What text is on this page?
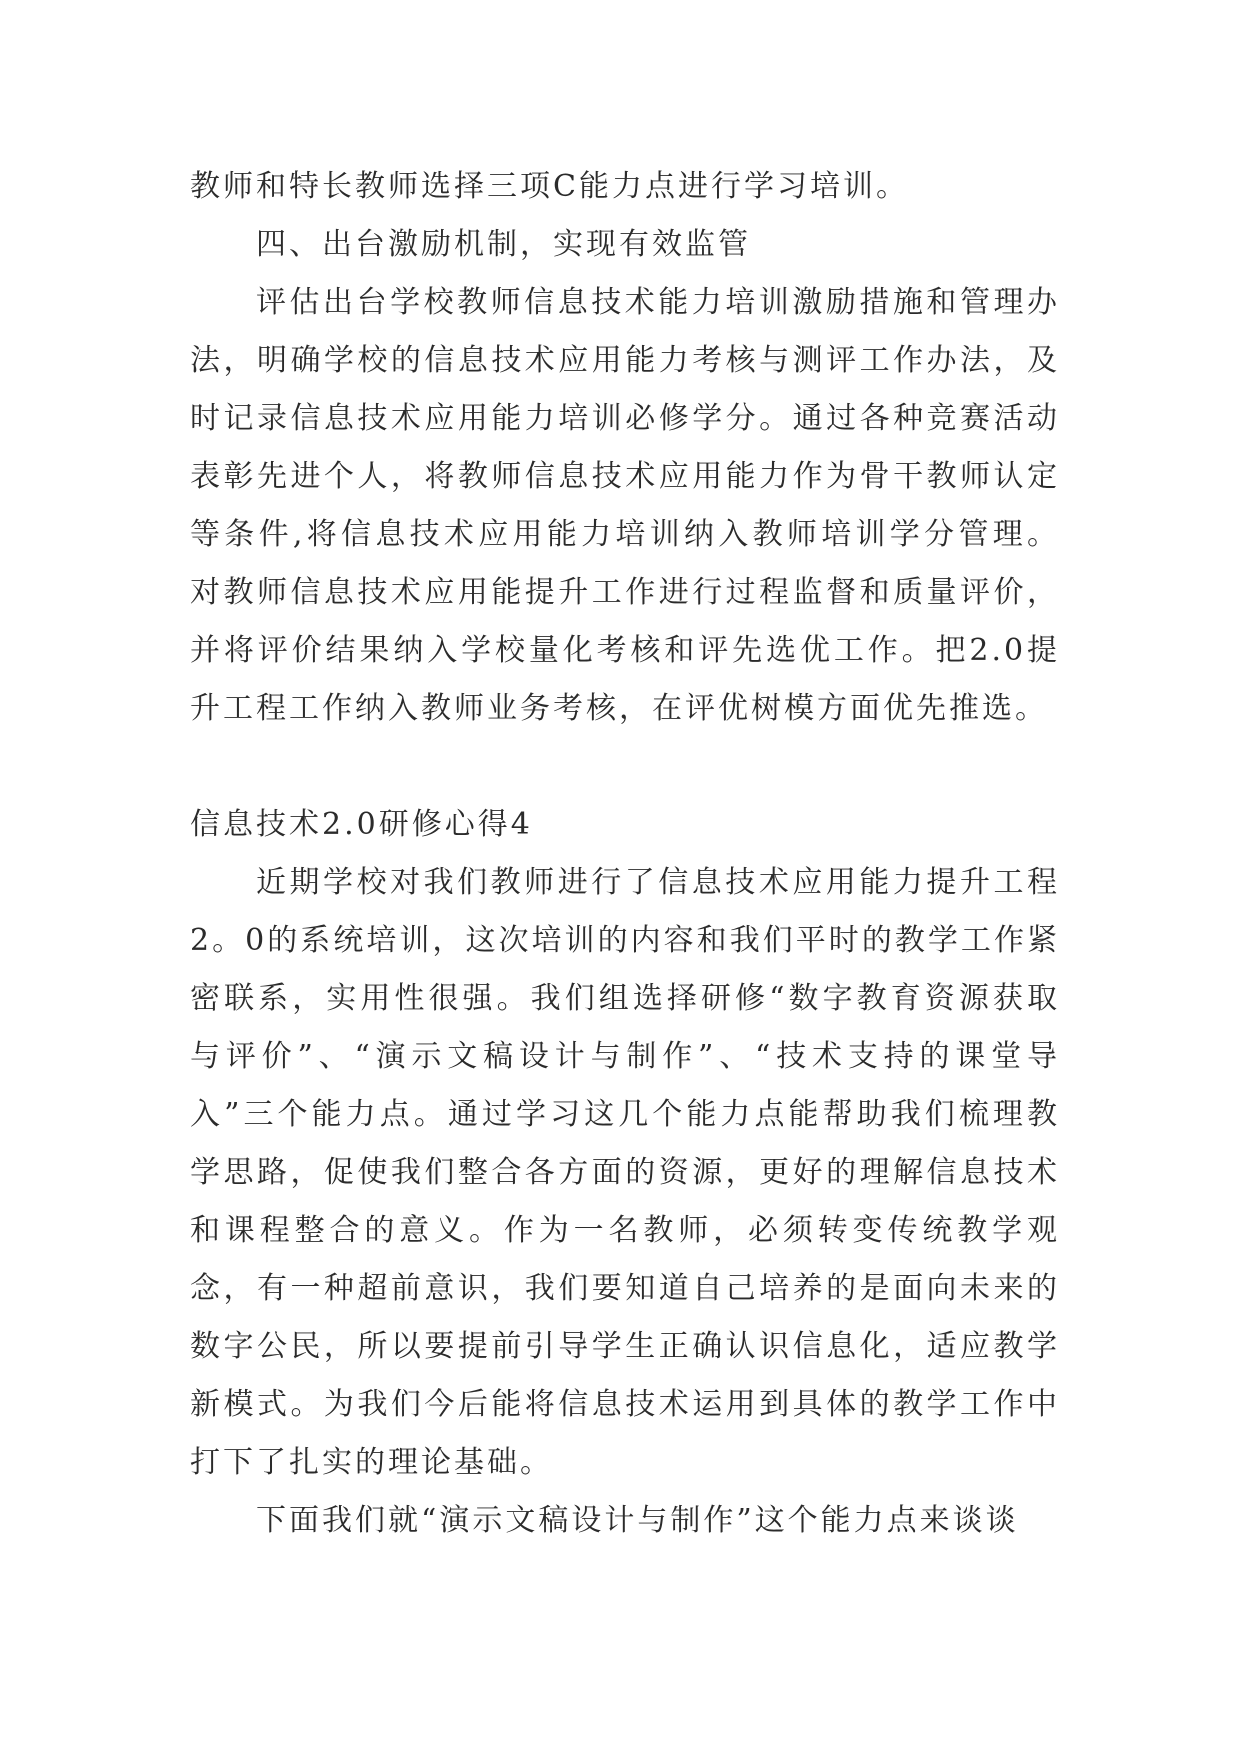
教师和特长教师选择三项C能力点进行学习培训。

四、出台激励机制，实现有效监管

评估出台学校教师信息技术能力培训激励措施和管理办法，明确学校的信息技术应用能力考核与测评工作办法，及时记录信息技术应用能力培训必修学分。通过各种竞赛活动表彰先进个人，将教师信息技术应用能力作为骨干教师认定等条件,将信息技术应用能力培训纳入教师培训学分管理。对教师信息技术应用能提升工作进行过程监督和质量评价，并将评价结果纳入学校量化考核和评先选优工作。把2.0提升工程工作纳入教师业务考核，在评优树模方面优先推选。

信息技术2.0研修心得4

近期学校对我们教师进行了信息技术应用能力提升工程2。0的系统培训，这次培训的内容和我们平时的教学工作紧密联系，实用性很强。我们组选择研修“数字教育资源获取与评价”、“演示文稿设计与制作”、“技术支持的课堂导入”三个能力点。通过学习这几个能力点能帮助我们梳理教学思路，促使我们整合各方面的资源，更好的理解信息技术和课程整合的意义。作为一名教师，必须转变传统教学观念，有一种超前意识，我们要知道自己培养的是面向未来的数字公民，所以要提前引导学生正确认识信息化，适应教学新模式。为我们今后能将信息技术运用到具体的教学工作中打下了扎实的理论基础。

下面我们就“演示文稿设计与制作”这个能力点来谈谈
